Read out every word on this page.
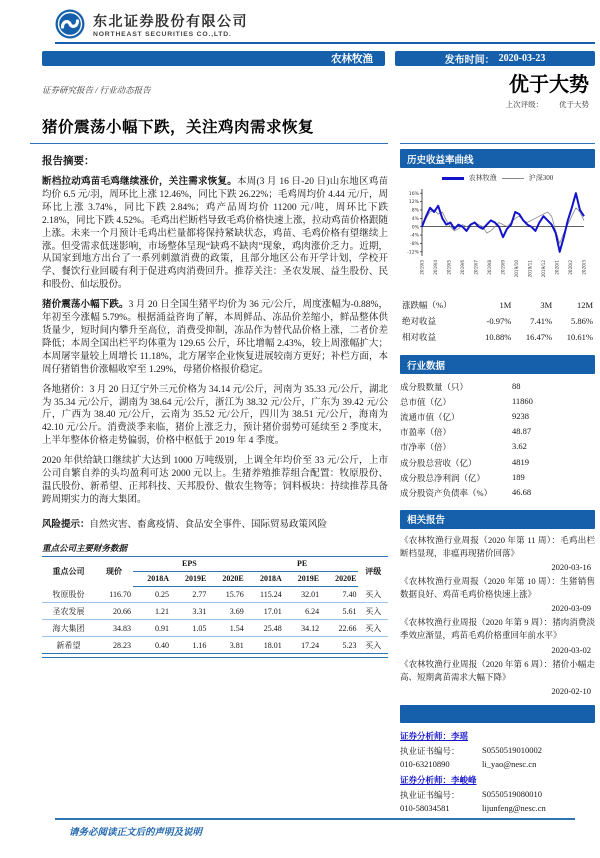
东北证券股份有限公司
NORTHEAST SECURITIES CO.,LTD.
农林牧渔	发布时间： 2020-03-23
证券研究报告 / 行业动态报告	优于大势
上次评级： 优于大势
猪价震荡小幅下跌，关注鸡肉需求恢复
报告摘要：

断档拉动鸡苗毛鸡继续涨价，关注需求恢复。本周(3 月 16 日-20 日)山东地区鸡苗均价 6.5 元/羽，周环比上涨 12.46%，同比下跌 26.22%；毛鸡周均价 4.44 元/斤，周环比上涨 3.74%，同比下跌 2.84%；鸡产品周均价 11200 元/吨，周环比下跌 2.18%，同比下跌 4.52%。毛鸡出栏断档导致毛鸡价格快速上涨，拉动鸡苗价格跟随上涨。未来一个月预计毛鸡出栏量都将保持紧缺状态，鸡苗、毛鸡价格有望继续上涨。但受需求低迷影响，市场整体呈现“缺鸡不缺肉”现象，鸡肉涨价乏力。近期，从国家到地方出台了一系列刺激消费的政策，且部分地区公布开学计划，学校开学、餐饮行业回暖有利于促进鸡肉消费回升。推荐关注：圣农发展、益生股份、民和股份、仙坛股份。

猪价震荡小幅下跌。3 月 20 日全国生猪平均价为 36 元/公斤，周度涨幅为-0.88%，年初至今涨幅 5.79%。根据涌益咨询了解，本周鲜品、冻品价差缩小，鲜品整体供货量少，短时间内攀升至高位，消费受抑制，冻品作为替代品价格上涨，二者价差降低；本周全国出栏平均体重为 129.65 公斤，环比增幅 2.43%，较上周涨幅扩大；本周屠宰量较上周增长 11.18%，北方屠宰企业恢复进展较南方更好；补栏方面，本周仔猪销售价涨幅收窄至 1.29%，母猪价格报价稳定。

各地猪价：3 月 20 日辽宁外三元价格为 34.14 元/公斤，河南为 35.33 元/公斤，湖北为 35.34 元/公斤，湖南为 38.64 元/公斤，浙江为 38.32 元/公斤，广东为 39.42 元/公斤，广西为 38.40 元/公斤，云南为 35.52 元/公斤，四川为 38.51 元/公斤，海南为 42.10 元/公斤。消费淡季来临，猪价上涨乏力，预计猪价弱势可延续至 2 季度末，上半年整体价格走势偏弱，价格中枢低于 2019 年 4 季度。

2020 年供给缺口继续扩大达到 1000 万吨级别，上调全年均价至 33 元/公斤，上市公司自繁自养的头均盈利可达 2000 元以上。生猪养殖推荐组合配置：牧原股份、温氏股份、新希望、正邦科技、天邦股份、傲农生物等；饲料板块：持续推荐具备跨周期实力的海大集团。

风险提示：自然灾害、畜禽疫情、食品安全事件、国际贸易政策风险

重点公司主要财务数据
重点公司	现价	EPS			PE			评级
		2018A	2019E	2020E	2018A	2019E	2020E	
牧原股份	116.70	0.25	2.77	15.76	115.24	32.01	7.40	买入
圣农发展	20.66	1.21	3.31	3.69	17.01	6.24	5.61	买入
海大集团	34.83	0.91	1.05	1.54	25.48	34.12	22.66	买入
新希望	28.23	0.40	1.16	3.81	18.01	17.24	5.23	买入
历史收益率曲线
农林牧渔	沪深300
16%
12%
8%
4%
0%
-4%
-8%
-12%
2019/3 2019/4 2019/5 2019/6 2019/7 2019/8 2019/9 2019/10 2019/11 2019/12 2020/1 2020/2 2020/3
涨跌幅（%）	1M	3M	12M
绝对收益	-0.97%	7.41%	5.86%
相对收益	10.88%	16.47%	10.61%
行业数据
成分股数量（只）	88
总市值（亿）	11860
流通市值（亿）	9238
市盈率（倍）	48.87
市净率（倍）	3.62
成分股总营收（亿）	4819
成分股总净利润（亿）	189
成分股资产负债率（%）	46.68
相关报告
《农林牧渔行业周报（2020 年第 11 周）：毛鸡出栏断档显现，非瘟再现猪价回落》
2020-03-16
《农林牧渔行业周报（2020 年第 10 周）：生猪销售数据良好、鸡苗毛鸡价格快速上涨》
2020-03-09
《农林牧渔行业周报（2020 年第 9 周）：猪肉消费淡季效应渐显，鸡苗毛鸡价格重回年前水平》
2020-03-02
《农林牧渔行业周报（2020 年第 6 周）：猪价小幅走高、短期禽苗需求大幅下降》
2020-02-10
证券分析师：李瑶
执业证书编号：	S0550519010002
010-63210890	li_yao@nesc.cn
证券分析师：李峻峰
执业证书编号：	S0550519080010
010-58034581	lijunfeng@nesc.cn
请务必阅读正文后的声明及说明
